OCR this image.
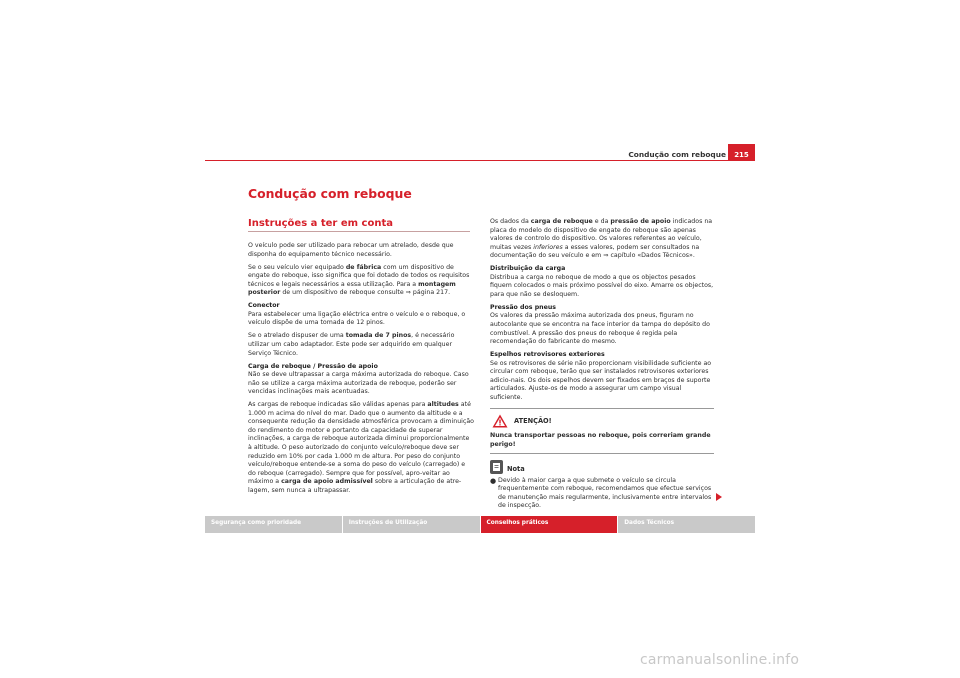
Condução com reboque	215
Condução com reboque
Instruções a ter em conta

O veículo pode ser utilizado para rebocar um atrelado, desde que disponha do equipamento técnico necessário.

Se o seu veículo vier equipado de fábrica com um dispositivo de engate do reboque, isso significa que foi dotado de todos os requisitos técnicos e legais necessários a essa utilização. Para a montagem posterior de um dispositivo de reboque consulte ⇒ página 217.

Conector

Para estabelecer uma ligação eléctrica entre o veículo e o reboque, o veículo dispõe de uma tomada de 12 pinos.

Se o atrelado dispuser de uma tomada de 7 pinos, é necessário utilizar um cabo adaptador. Este pode ser adquirido em qualquer Serviço Técnico.

Carga de reboque / Pressão de apoio

Não se deve ultrapassar a carga máxima autorizada do reboque. Caso não se utilize a carga máxima autorizada de reboque, poderão ser vencidas inclinações mais acentuadas.

As cargas de reboque indicadas são válidas apenas para altitudes até 1.000 m acima do nível do mar. Dado que o aumento da altitude e a consequente redução da densidade atmosférica provocam a diminuição do rendimento do motor e portanto da capacidade de superar inclinações, a carga de reboque autorizada diminui proporcionalmente à altitude. O peso autorizado do conjunto veículo/reboque deve ser reduzido em 10% por cada 1.000 m de altura. Por peso do conjunto veículo/reboque entende-se a soma do peso do veículo (carregado) e do reboque (carregado). Sempre que for possível, apro-veitar ao máximo a carga de apoio admissível sobre a articulação de atre-lagem, sem nunca a ultrapassar.

Os dados da carga de reboque e da pressão de apoio indicados na placa do modelo do dispositivo de engate do reboque são apenas valores de controlo do dispositivo. Os valores referentes ao veículo, muitas vezes inferiores a esses valores, podem ser consultados na documentação do seu veículo e em ⇒ capítulo «Dados Técnicos».

Distribuição da carga

Distribua a carga no reboque de modo a que os objectos pesados fiquem colocados o mais próximo possível do eixo. Amarre os objectos, para que não se desloquem.

Pressão dos pneus

Os valores da pressão máxima autorizada dos pneus, figuram no autocolante que se encontra na face interior da tampa do depósito do combustível. A pressão dos pneus do reboque é regida pela recomendação do fabricante do mesmo.

Espelhos retrovisores exteriores

Se os retrovisores de série não proporcionam visibilidade suficiente ao circular com reboque, terão que ser instalados retrovisores exteriores adicio-nais. Os dois espelhos devem ser fixados em braços de suporte articulados. Ajuste-os de modo a assegurar um campo visual suficiente.

ATENÇÃO!
Nunca transportar pessoas no reboque, pois correriam grande perigo!
Nota
● Devido à maior carga a que submete o veículo se circula frequentemente com reboque, recomendamos que efectue serviços de manutenção mais regularmente, inclusivamente entre intervalos de inspecção.
Segurança como prioridade	Instruções de Utilização	Conselhos práticos	Dados Técnicos
carmanualsonline.info
